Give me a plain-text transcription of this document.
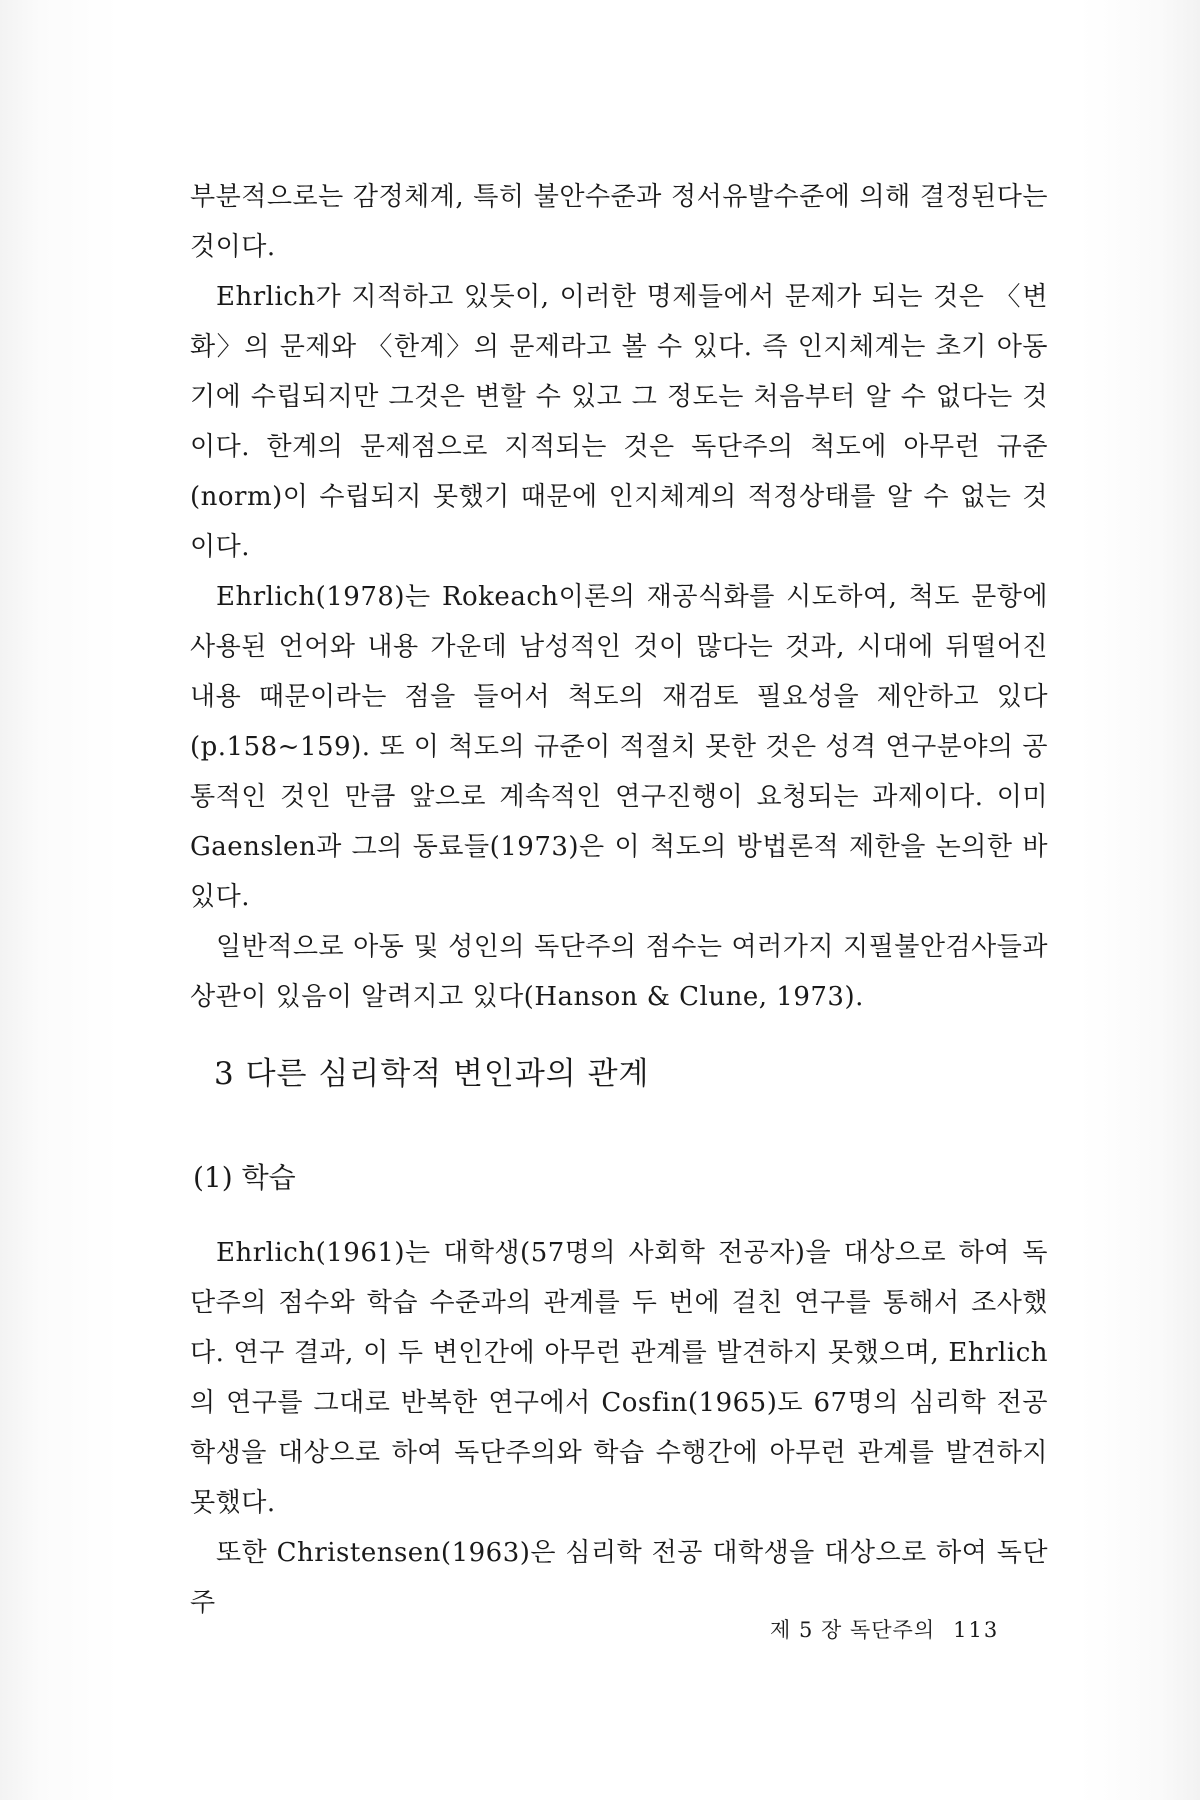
부분적으로는 감정체계, 특히 불안수준과 정서유발수준에 의해 결정된다는 것이다.

Ehrlich가 지적하고 있듯이, 이러한 명제들에서 문제가 되는 것은 〈변화〉의 문제와 〈한계〉의 문제라고 볼 수 있다. 즉 인지체계는 초기 아동기에 수립되지만 그것은 변할 수 있고 그 정도는 처음부터 알 수 없다는 것이다. 한계의 문제점으로 지적되는 것은 독단주의 척도에 아무런 규준(norm)이 수립되지 못했기 때문에 인지체계의 적정상태를 알 수 없는 것이다.

Ehrlich(1978)는 Rokeach이론의 재공식화를 시도하여, 척도 문항에 사용된 언어와 내용 가운데 남성적인 것이 많다는 것과, 시대에 뒤떨어진 내용 때문이라는 점을 들어서 척도의 재검토 필요성을 제안하고 있다(p.158~159). 또 이 척도의 규준이 적절치 못한 것은 성격 연구분야의 공통적인 것인 만큼 앞으로 계속적인 연구진행이 요청되는 과제이다. 이미 Gaenslen과 그의 동료들(1973)은 이 척도의 방법론적 제한을 논의한 바 있다.

일반적으로 아동 및 성인의 독단주의 점수는 여러가지 지필불안검사들과 상관이 있음이 알려지고 있다(Hanson & Clune, 1973).

3 다른 심리학적 변인과의 관계
(1) 학습

Ehrlich(1961)는 대학생(57명의 사회학 전공자)을 대상으로 하여 독단주의 점수와 학습 수준과의 관계를 두 번에 걸친 연구를 통해서 조사했다. 연구 결과, 이 두 변인간에 아무런 관계를 발견하지 못했으며, Ehrlich의 연구를 그대로 반복한 연구에서 Cosfin(1965)도 67명의 심리학 전공 학생을 대상으로 하여 독단주의와 학습 수행간에 아무런 관계를 발견하지 못했다.

또한 Christensen(1963)은 심리학 전공 대학생을 대상으로 하여 독단주

제 5 장 독단주의 113
